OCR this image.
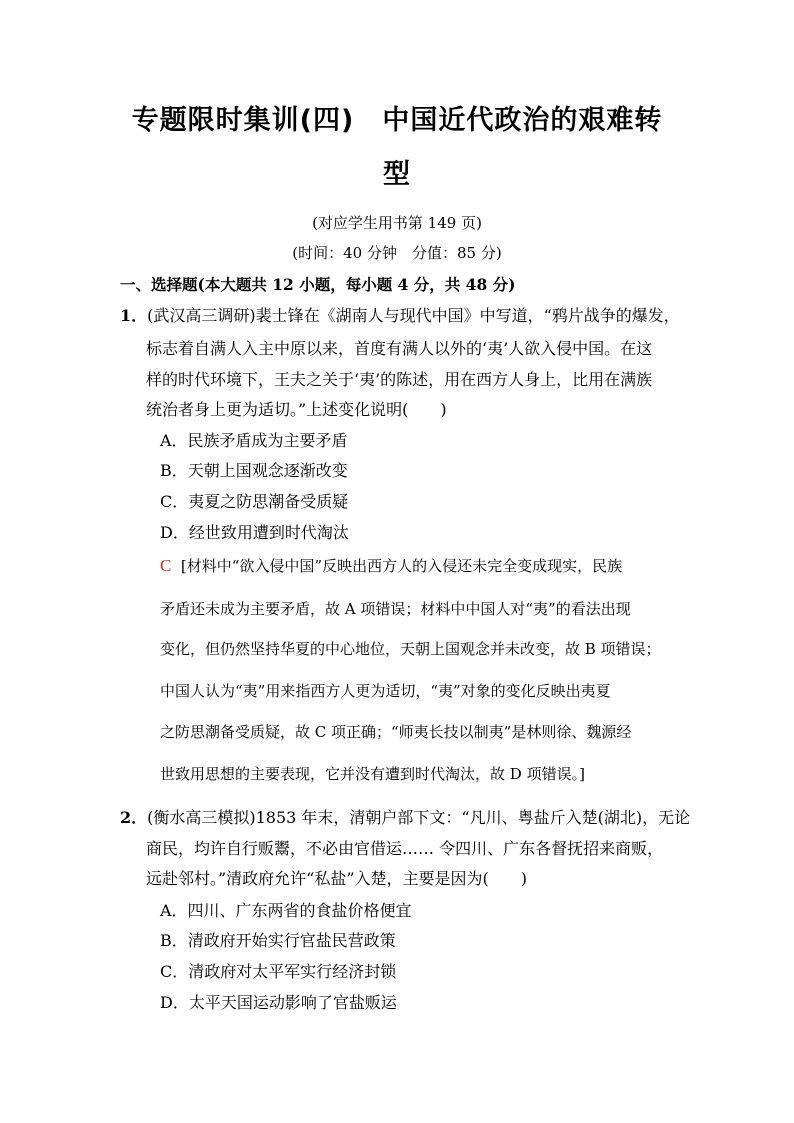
专题限时集训(四)　中国近代政治的艰难转
型
(对应学生用书第 149 页)
(时间：40 分钟　分值：85 分)
一、选择题(本大题共 12 小题，每小题 4 分，共 48 分)
1．(武汉高三调研)裴士锋在《湖南人与现代中国》中写道，“鸦片战争的爆发，
标志着自满人入主中原以来，首度有满人以外的‘夷’人欲入侵中国。在这
样的时代环境下，王夫之关于‘夷’的陈述，用在西方人身上，比用在满族
统治者身上更为适切。”上述变化说明(　　)
A．民族矛盾成为主要矛盾
B．天朝上国观念逐渐改变
C．夷夏之防思潮备受质疑
D．经世致用遭到时代淘汰
C [材料中“欲入侵中国”反映出西方人的入侵还未完全变成现实，民族
矛盾还未成为主要矛盾，故 A 项错误；材料中中国人对“夷”的看法出现
变化，但仍然坚持华夏的中心地位，天朝上国观念并未改变，故 B 项错误；
中国人认为“夷”用来指西方人更为适切，“夷”对象的变化反映出夷夏
之防思潮备受质疑，故 C 项正确；“师夷长技以制夷”是林则徐、魏源经
世致用思想的主要表现，它并没有遭到时代淘汰，故 D 项错误。]
2．(衡水高三模拟)1853 年末，清朝户部下文：“凡川、粤盐斤入楚(湖北)，无论
商民，均许自行贩鬻，不必由官借运…… 令四川、广东各督抚招来商贩，
远赴邻村。”清政府允许“私盐”入楚，主要是因为(　　)
A．四川、广东两省的食盐价格便宜
B．清政府开始实行官盐民营政策
C．清政府对太平军实行经济封锁
D．太平天国运动影响了官盐贩运
